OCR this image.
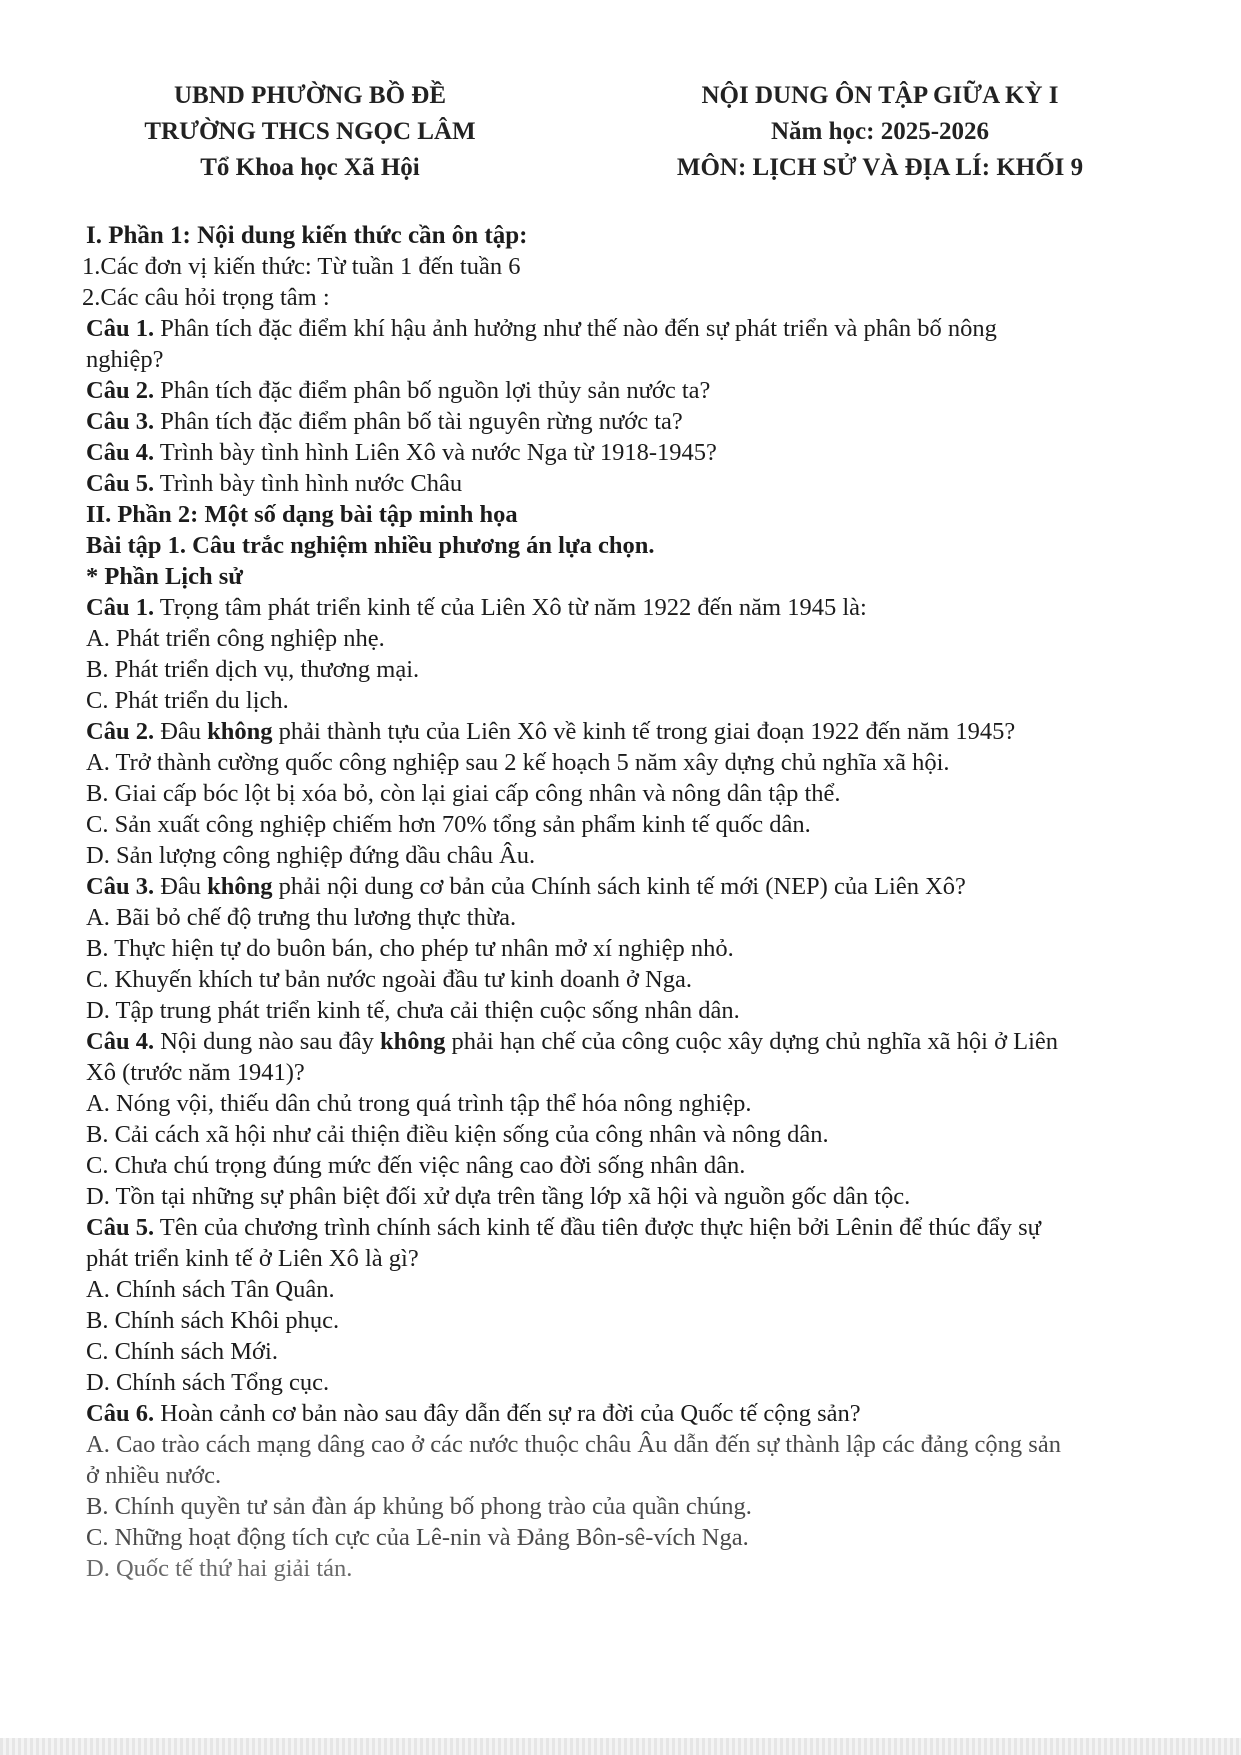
UBND PHƯỜNG BỒ ĐỀ
TRƯỜNG THCS NGỌC LÂM
Tổ Khoa học Xã Hội
NỘI DUNG ÔN TẬP GIỮA KỲ I
Năm học: 2025-2026
MÔN: LỊCH SỬ VÀ ĐỊA LÍ: KHỐI 9
I. Phần 1: Nội dung kiến thức cần ôn tập:
1.Các đơn vị kiến thức: Từ tuần 1 đến tuần 6
2.Các câu hỏi trọng tâm :
Câu 1. Phân tích đặc điểm khí hậu ảnh hưởng như thế nào đến sự phát triển và phân bố nông
nghiệp?
Câu 2. Phân tích đặc điểm phân bố nguồn lợi thủy sản nước ta?
Câu 3. Phân tích đặc điểm phân bố tài nguyên rừng nước ta?
Câu 4. Trình bày tình hình Liên Xô và nước Nga từ 1918-1945?
Câu 5. Trình bày tình hình nước Châu
II. Phần 2: Một số dạng bài tập minh họa
Bài tập 1. Câu trắc nghiệm nhiều phương án lựa chọn.
* Phần Lịch sử
Câu 1. Trọng tâm phát triển kinh tế của Liên Xô từ năm 1922 đến năm 1945 là:
A. Phát triển công nghiệp nhẹ.
B. Phát triển dịch vụ, thương mại.
C. Phát triển du lịch.
Câu 2. Đâu không phải thành tựu của Liên Xô về kinh tế trong giai đoạn 1922 đến năm 1945?
A. Trở thành cường quốc công nghiệp sau 2 kế hoạch 5 năm xây dựng chủ nghĩa xã hội.
B. Giai cấp bóc lột bị xóa bỏ, còn lại giai cấp công nhân và nông dân tập thể.
C. Sản xuất công nghiệp chiếm hơn 70% tổng sản phẩm kinh tế quốc dân.
D. Sản lượng công nghiệp đứng dầu châu Âu.
Câu 3. Đâu không phải nội dung cơ bản của Chính sách kinh tế mới (NEP) của Liên Xô?
A. Bãi bỏ chế độ trưng thu lương thực thừa.
B. Thực hiện tự do buôn bán, cho phép tư nhân mở xí nghiệp nhỏ.
C. Khuyến khích tư bản nước ngoài đầu tư kinh doanh ở Nga.
D. Tập trung phát triển kinh tế, chưa cải thiện cuộc sống nhân dân.
Câu 4. Nội dung nào sau đây không phải hạn chế của công cuộc xây dựng chủ nghĩa xã hội ở Liên
Xô (trước năm 1941)?
A. Nóng vội, thiếu dân chủ trong quá trình tập thể hóa nông nghiệp.
B. Cải cách xã hội như cải thiện điều kiện sống của công nhân và nông dân.
C. Chưa chú trọng đúng mức đến việc nâng cao đời sống nhân dân.
D. Tồn tại những sự phân biệt đối xử dựa trên tầng lớp xã hội và nguồn gốc dân tộc.
Câu 5. Tên của chương trình chính sách kinh tế đầu tiên được thực hiện bởi Lênin để thúc đẩy sự
phát triển kinh tế ở Liên Xô là gì?
A. Chính sách Tân Quân.
B. Chính sách Khôi phục.
C. Chính sách Mới.
D. Chính sách Tổng cục.
Câu 6. Hoàn cảnh cơ bản nào sau đây dẫn đến sự ra đời của Quốc tế cộng sản?
A. Cao trào cách mạng dâng cao ở các nước thuộc châu Âu dẫn đến sự thành lập các đảng cộng sản
ở nhiều nước.
B. Chính quyền tư sản đàn áp khủng bố phong trào của quần chúng.
C. Những hoạt động tích cực của Lê-nin và Đảng Bôn-sê-vích Nga.
D. Quốc tế thứ hai giải tán.
